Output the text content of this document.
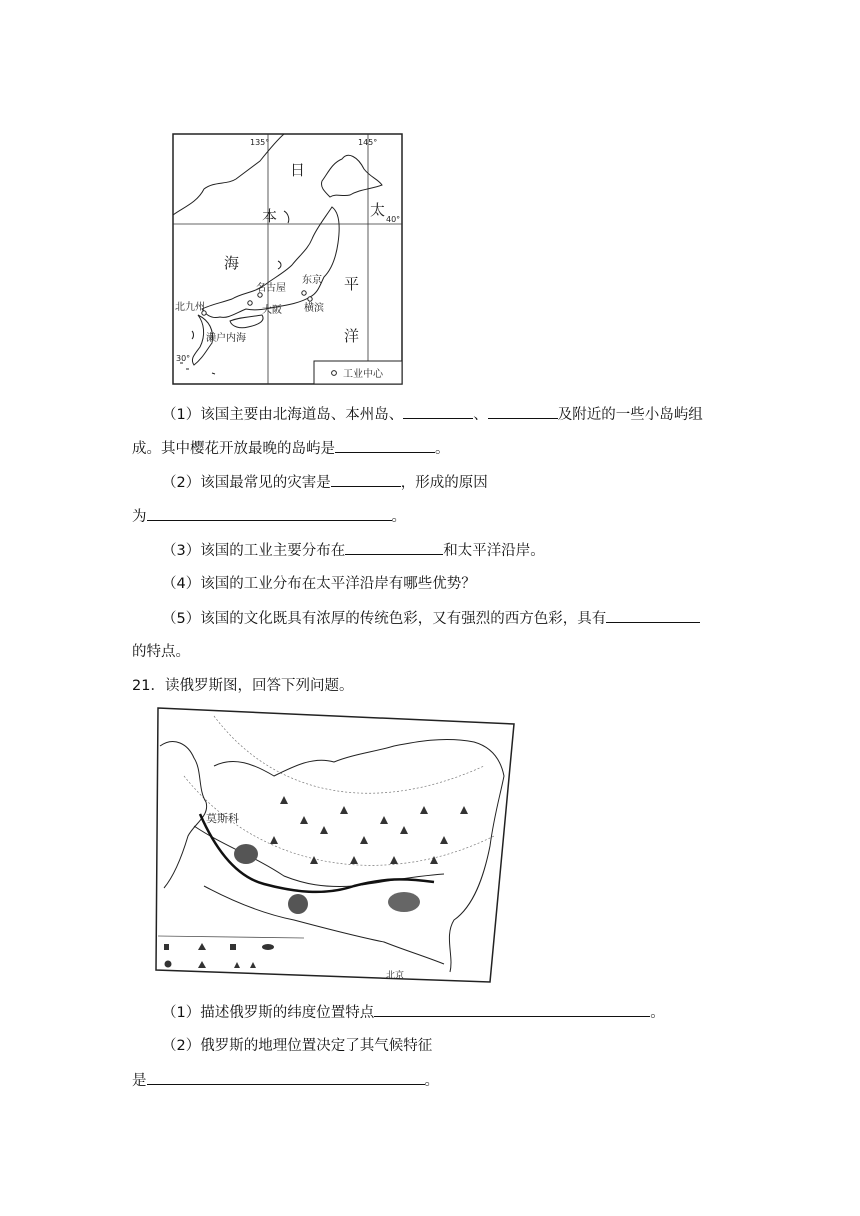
135°	145°
40°
30°
日
本
海
太
平
洋
名古屋
东京
大阪 横滨
北九州
濑户内海
工业中心
（1）该国主要由北海道岛、本州岛、	、	及附近的一些小岛屿组
成。其中樱花开放最晚的岛屿是	。
（2）该国最常见的灾害是	，形成的原因
为	。
（3）该国的工业主要分布在	和太平洋沿岸。
（4）该国的工业分布在太平洋沿岸有哪些优势？
（5）该国的文化既具有浓厚的传统色彩，又有强烈的西方色彩，具有
的特点。
21．读俄罗斯图，回答下列问题。
莫斯科
北京
（1）描述俄罗斯的纬度位置特点	。
（2）俄罗斯的地理位置决定了其气候特征
是	。
